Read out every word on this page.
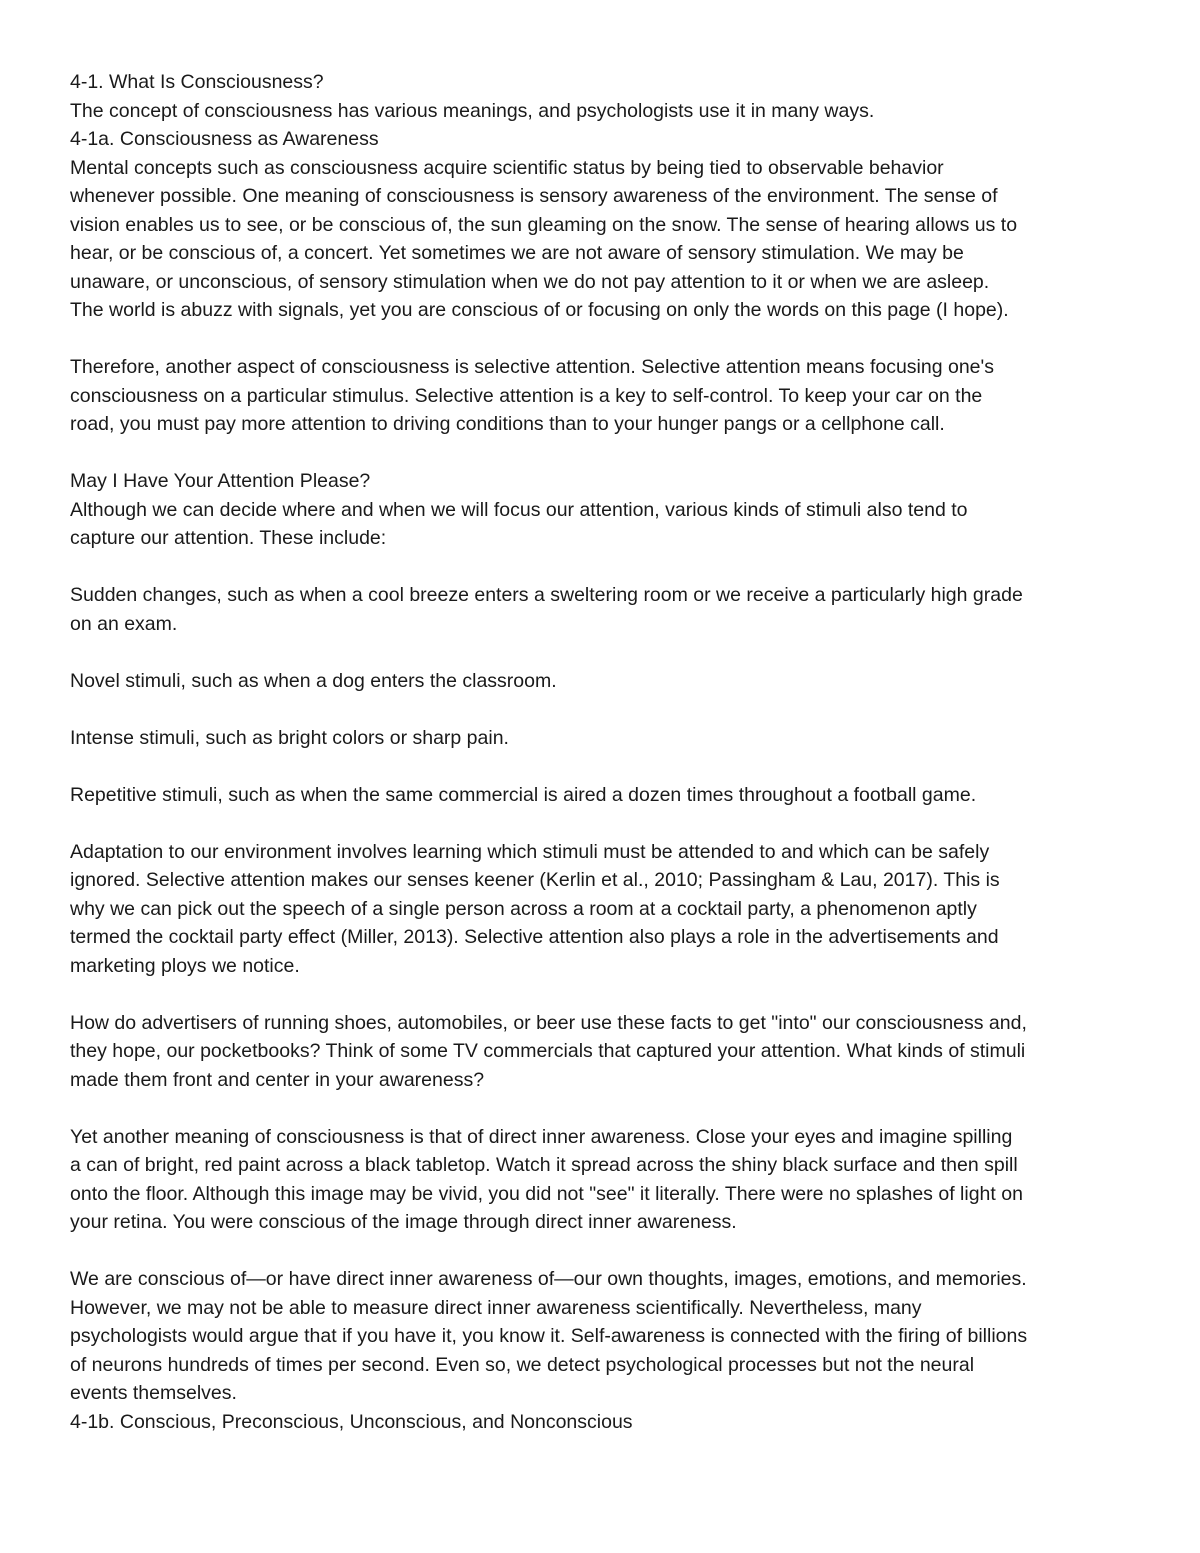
4-1. What Is Consciousness?

The concept of consciousness has various meanings, and psychologists use it in many ways.

4-1a. Consciousness as Awareness

Mental concepts such as consciousness acquire scientific status by being tied to observable behavior

whenever possible. One meaning of consciousness is sensory awareness of the environment. The sense of

vision enables us to see, or be conscious of, the sun gleaming on the snow. The sense of hearing allows us to

hear, or be conscious of, a concert. Yet sometimes we are not aware of sensory stimulation. We may be

unaware, or unconscious, of sensory stimulation when we do not pay attention to it or when we are asleep.

The world is abuzz with signals, yet you are conscious of or focusing on only the words on this page (I hope).

Therefore, another aspect of consciousness is selective attention. Selective attention means focusing one's

consciousness on a particular stimulus. Selective attention is a key to self-control. To keep your car on the

road, you must pay more attention to driving conditions than to your hunger pangs or a cellphone call.

May I Have Your Attention Please?

Although we can decide where and when we will focus our attention, various kinds of stimuli also tend to

capture our attention. These include:

Sudden changes, such as when a cool breeze enters a sweltering room or we receive a particularly high grade

on an exam.

Novel stimuli, such as when a dog enters the classroom.

Intense stimuli, such as bright colors or sharp pain.

Repetitive stimuli, such as when the same commercial is aired a dozen times throughout a football game.

Adaptation to our environment involves learning which stimuli must be attended to and which can be safely

ignored. Selective attention makes our senses keener (Kerlin et al., 2010; Passingham & Lau, 2017). This is

why we can pick out the speech of a single person across a room at a cocktail party, a phenomenon aptly

termed the cocktail party effect (Miller, 2013). Selective attention also plays a role in the advertisements and

marketing ploys we notice.

How do advertisers of running shoes, automobiles, or beer use these facts to get "into" our consciousness and,

they hope, our pocketbooks? Think of some TV commercials that captured your attention. What kinds of stimuli

made them front and center in your awareness?

Yet another meaning of consciousness is that of direct inner awareness. Close your eyes and imagine spilling

a can of bright, red paint across a black tabletop. Watch it spread across the shiny black surface and then spill

onto the floor. Although this image may be vivid, you did not "see" it literally. There were no splashes of light on

your retina. You were conscious of the image through direct inner awareness.

We are conscious of—or have direct inner awareness of—our own thoughts, images, emotions, and memories.

However, we may not be able to measure direct inner awareness scientifically. Nevertheless, many

psychologists would argue that if you have it, you know it. Self-awareness is connected with the firing of billions

of neurons hundreds of times per second. Even so, we detect psychological processes but not the neural

events themselves.

4-1b. Conscious, Preconscious, Unconscious, and Nonconscious
